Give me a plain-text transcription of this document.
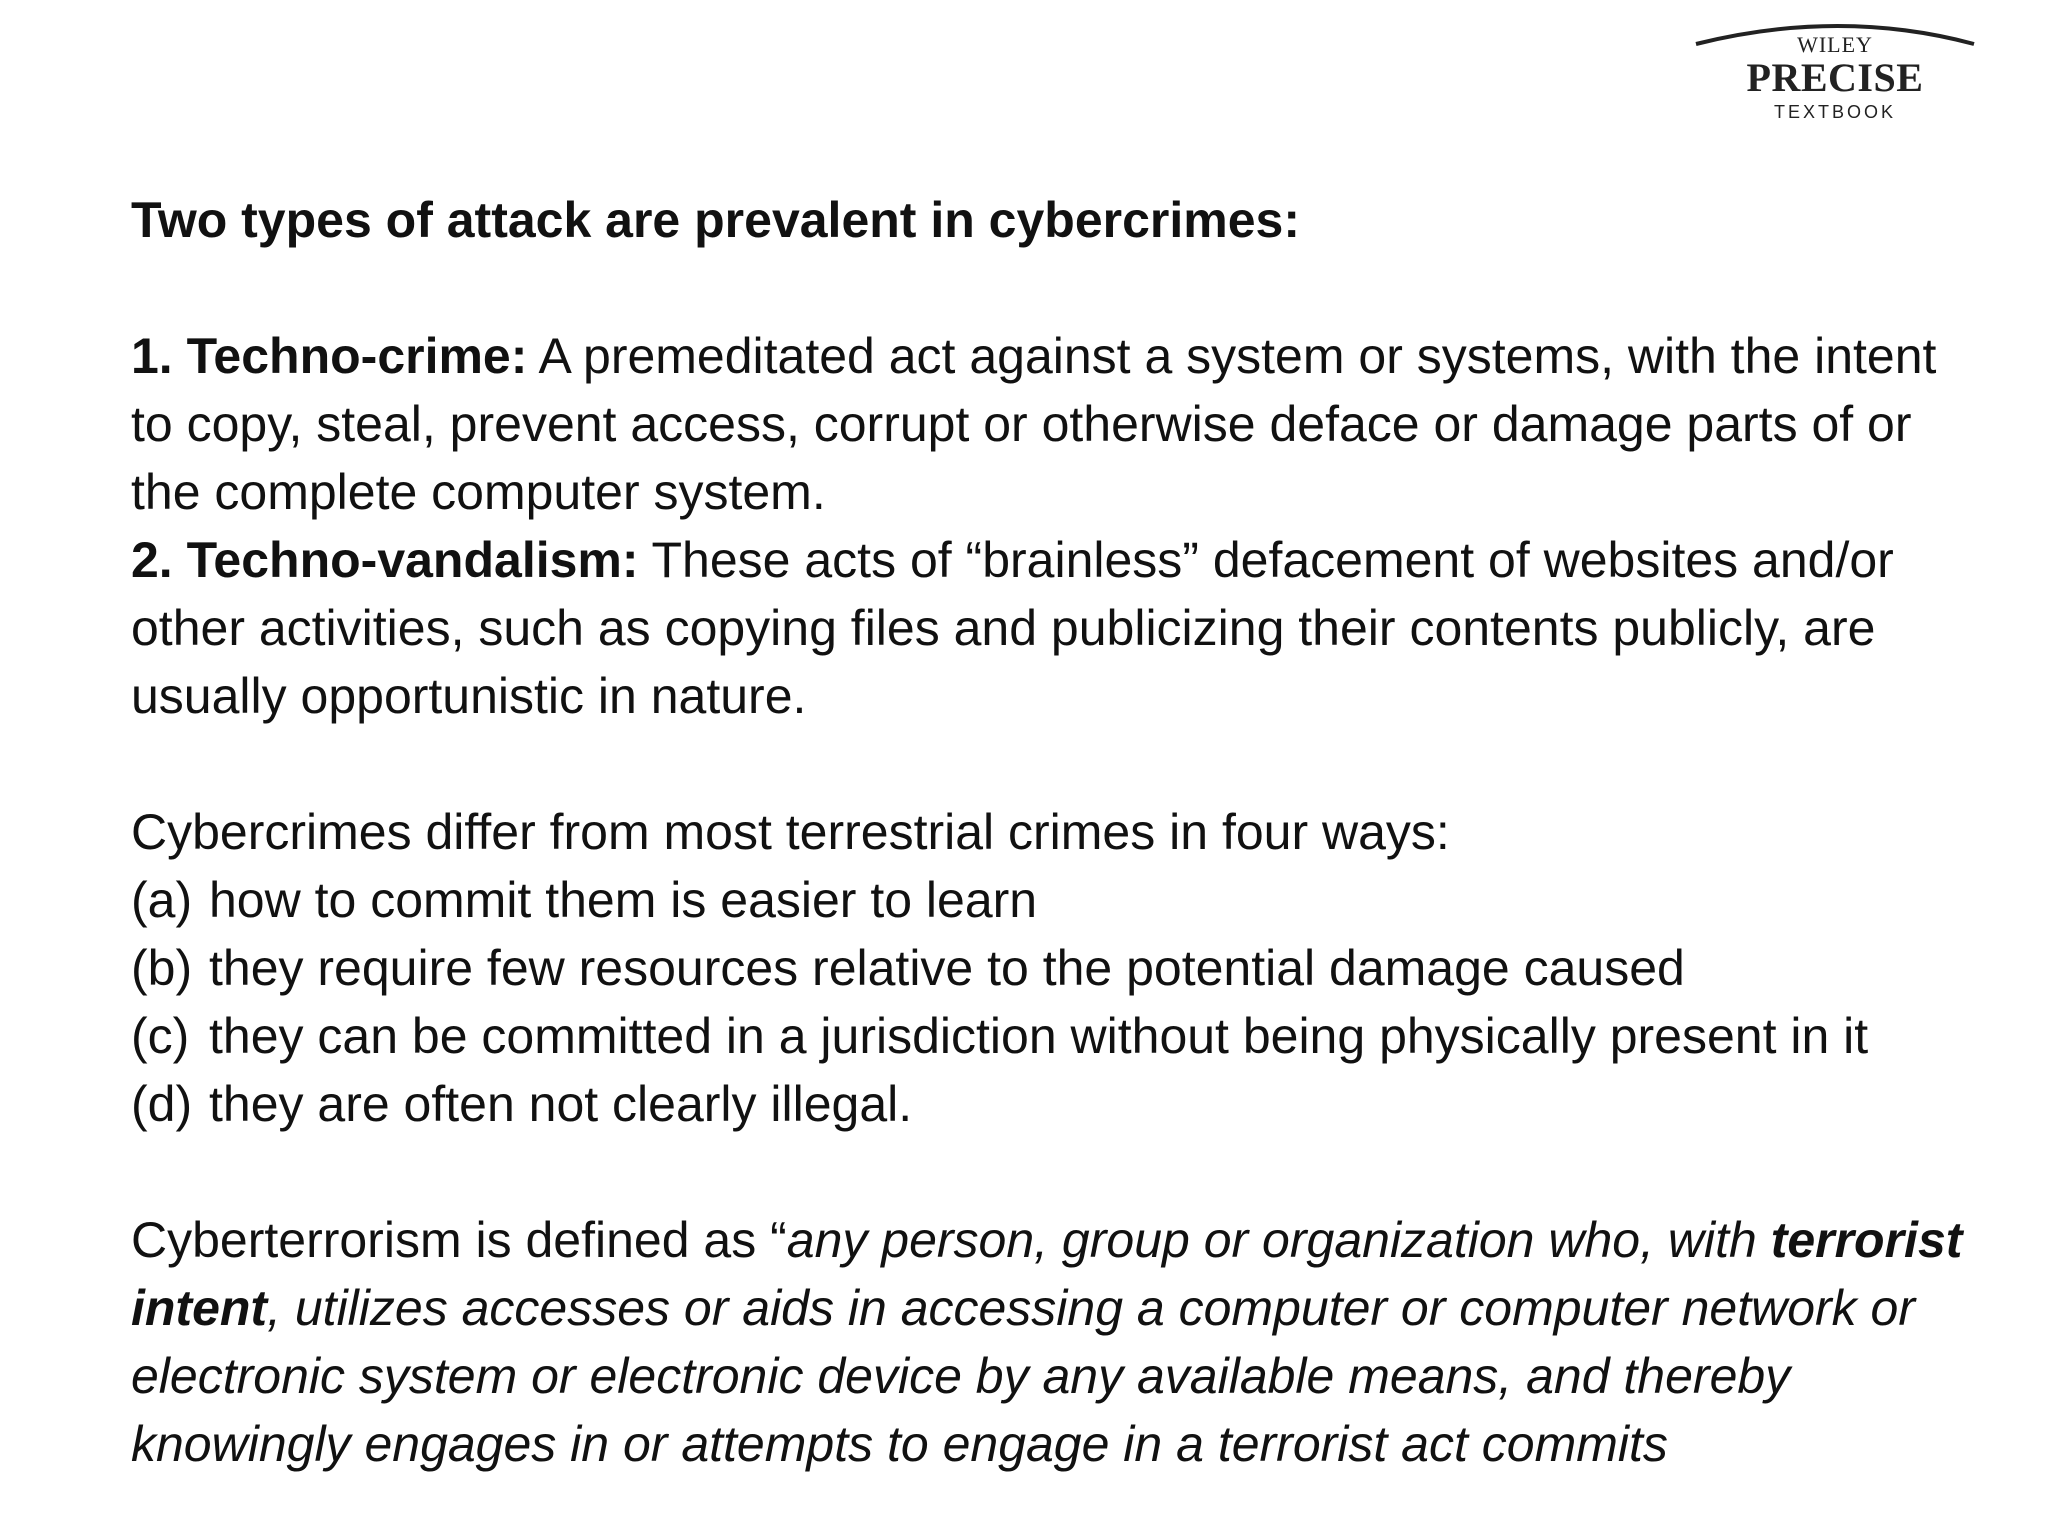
WILEY
PRECISE
TEXTBOOK

Two types of attack are prevalent in cybercrimes:

1. Techno-crime: A premeditated act against a system or systems, with the intent to copy, steal, prevent access, corrupt or otherwise deface or damage parts of or the complete computer system.

2. Techno-vandalism: These acts of “brainless” defacement of websites and/or other activities, such as copying files and publicizing their contents publicly, are usually opportunistic in nature.

Cybercrimes differ from most terrestrial crimes in four ways:

(a) how to commit them is easier to learn
(b) they require few resources relative to the potential damage caused
(c) they can be committed in a jurisdiction without being physically present in it
(d) they are often not clearly illegal.

Cyberterrorism is defined as “any person, group or organization who, with terrorist intent, utilizes accesses or aids in accessing a computer or computer network or electronic system or electronic device by any available means, and thereby knowingly engages in or attempts to engage in a terrorist act commits
